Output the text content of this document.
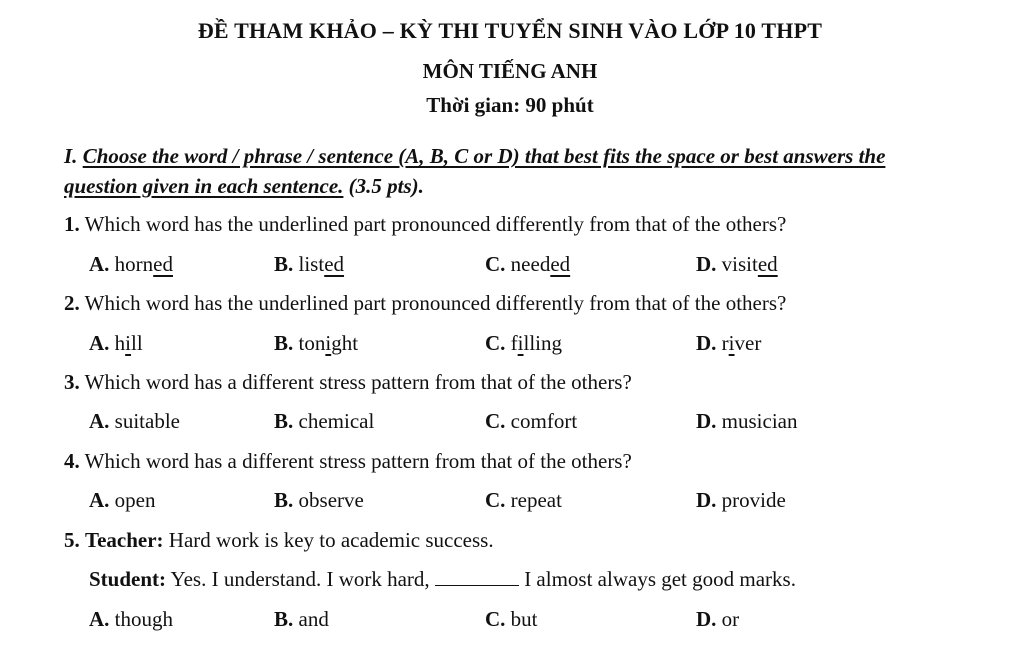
ĐỀ THAM KHẢO – KỲ THI TUYỂN SINH VÀO LỚP 10 THPT
MÔN TIẾNG ANH
Thời gian: 90 phút
I. Choose the word / phrase / sentence (A, B, C or D) that best fits the space or best answers the
question given in each sentence. (3.5 pts).
1. Which word has the underlined part pronounced differently from that of the others?
A. horned	B. listed	C. needed	D. visited
2. Which word has the underlined part pronounced differently from that of the others?
A. hill	B. tonight	C. filling	D. river
3. Which word has a different stress pattern from that of the others?
A. suitable	B. chemical	C. comfort	D. musician
4. Which word has a different stress pattern from that of the others?
A. open	B. observe	C. repeat	D. provide
5. Teacher: Hard work is key to academic success.
Student: Yes. I understand. I work hard,	I almost always get good marks.
A. though	B. and	C. but	D. or
